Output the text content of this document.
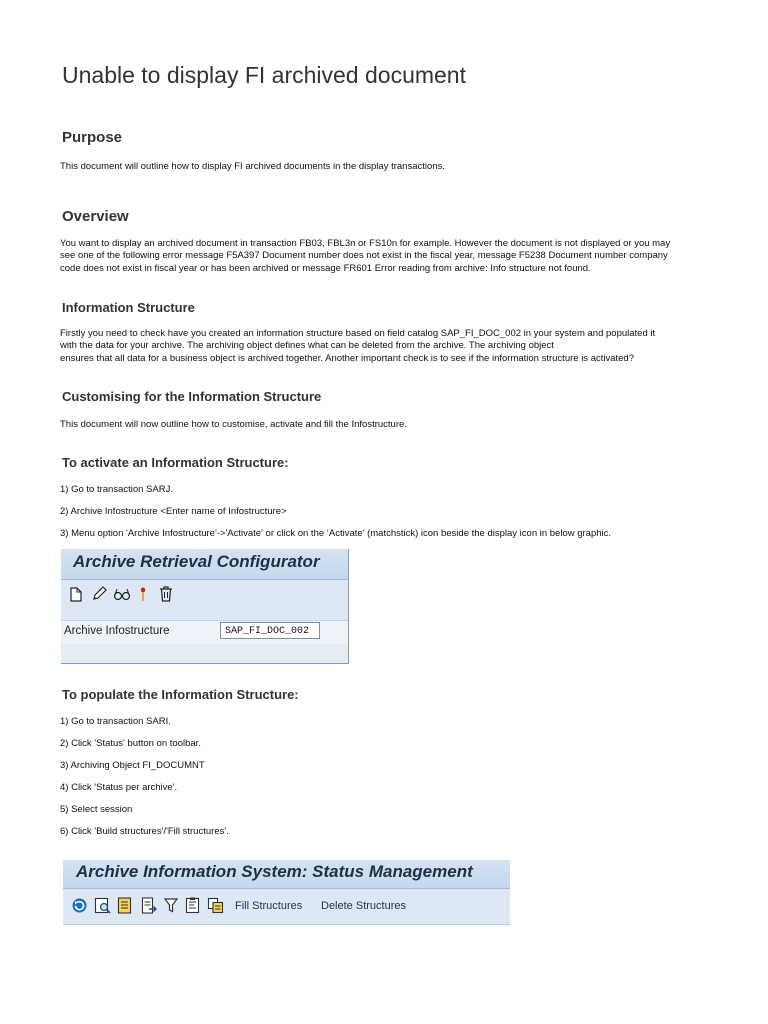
Unable to display FI archived document
Purpose

This document will outline how to display FI archived documents in the display transactions.

Overview

You want to display an archived document in transaction FB03, FBL3n or FS10n for example. However the document is not displayed or you may

see one of the following error message F5A397 Document number does not exist in the fiscal year, message F5238 Document number company

code does not exist in fiscal year or has been archived or message FR601 Error reading from archive: Info structure not found.

Information Structure

Firstly you need to check have you created an information structure based on field catalog SAP_FI_DOC_002 in your system and populated it

with the data for your archive. The archiving object defines what can be deleted from the archive. The archiving object

ensures that all data for a business object is archived together. Another important check is to see if the information structure is activated?

Customising for the Information Structure

This document will now outline how to customise, activate and fill the Infostructure.

To activate an Information Structure:

1) Go to transaction SARJ.

2) Archive Infostructure <Enter name of Infostructure>

3) Menu option 'Archive Infostructure'->'Activate' or click on the ‘Activate’ (matchstick) icon beside the display icon in below graphic.

Archive Retrieval Configurator
Archive Infostructure	SAP_FI_DOC_002
To populate the Information Structure:

1) Go to transaction SARI.

2) Click 'Status' button on toolbar.

3) Archiving Object FI_DOCUMNT

4) Click 'Status per archive'.

5) Select session

6) Click 'Build structures'/'Fill structures'.

Archive Information System: Status Management
Fill Structures Delete Structures
